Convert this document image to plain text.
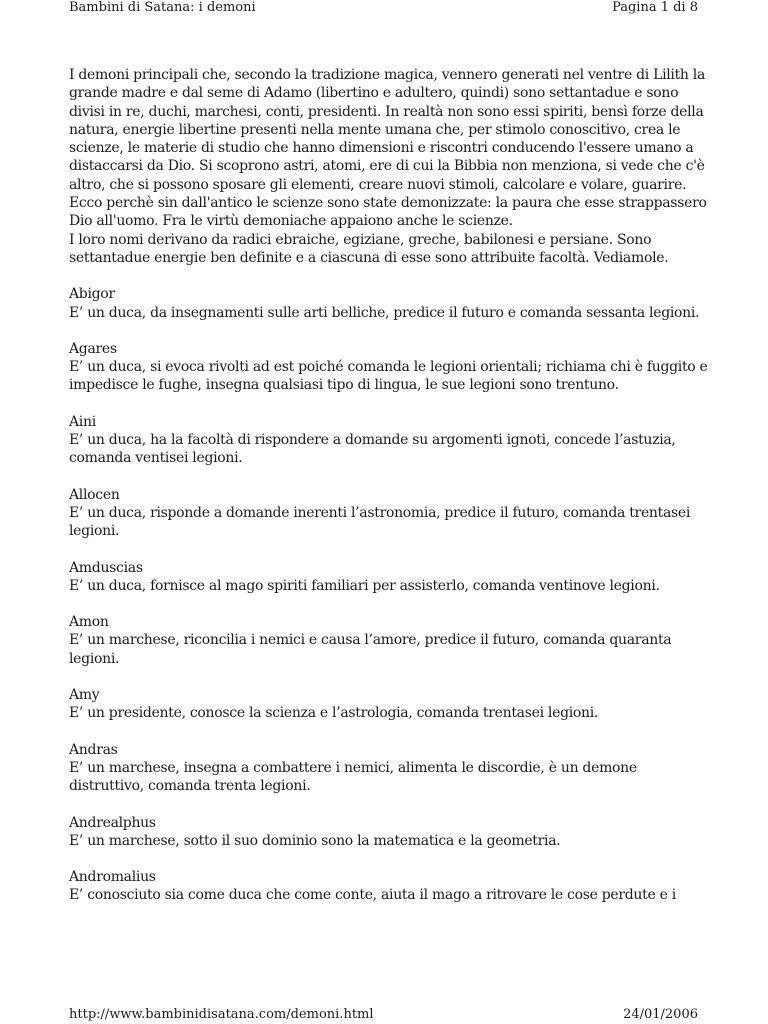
Bambini di Satana: i demoni	Pagina 1 di 8

I demoni principali che, secondo la tradizione magica, vennero generati nel ventre di Lilith la grande madre e dal seme di Adamo (libertino e adultero, quindi) sono settantadue e sono divisi in re, duchi, marchesi, conti, presidenti. In realtà non sono essi spiriti, bensì forze della natura, energie libertine presenti nella mente umana che, per stimolo conoscitivo, crea le scienze, le materie di studio che hanno dimensioni e riscontri conducendo l'essere umano a distaccarsi da Dio. Si scoprono astri, atomi, ere di cui la Bibbia non menziona, si vede che c'è altro, che si possono sposare gli elementi, creare nuovi stimoli, calcolare e volare, guarire. Ecco perchè sin dall'antico le scienze sono state demonizzate: la paura che esse strappassero Dio all'uomo. Fra le virtù demoniache appaiono anche le scienze.

I loro nomi derivano da radici ebraiche, egiziane, greche, babilonesi e persiane. Sono settantadue energie ben definite e a ciascuna di esse sono attribuite facoltà. Vediamole.

Abigor
E’ un duca, da insegnamenti sulle arti belliche, predice il futuro e comanda sessanta legioni.
Agares
E’ un duca, si evoca rivolti ad est poiché comanda le legioni orientali; richiama chi è fuggito e impedisce le fughe, insegna qualsiasi tipo di lingua, le sue legioni sono trentuno.
Aini
E’ un duca, ha la facoltà di rispondere a domande su argomenti ignoti, concede l’astuzia, comanda ventisei legioni.
Allocen
E’ un duca, risponde a domande inerenti l’astronomia, predice il futuro, comanda trentasei legioni.
Amduscias
E’ un duca, fornisce al mago spiriti familiari per assisterlo, comanda ventinove legioni.
Amon
E’ un marchese, riconcilia i nemici e causa l’amore, predice il futuro, comanda quaranta legioni.
Amy
E’ un presidente, conosce la scienza e l’astrologia, comanda trentasei legioni.
Andras
E’ un marchese, insegna a combattere i nemici, alimenta le discordie, è un demone distruttivo, comanda trenta legioni.
Andrealphus
E’ un marchese, sotto il suo dominio sono la matematica e la geometria.
Andromalius
E’ conosciuto sia come duca che come conte, aiuta il mago a ritrovare le cose perdute e i
http://www.bambinidisatana.com/demoni.html	24/01/2006
